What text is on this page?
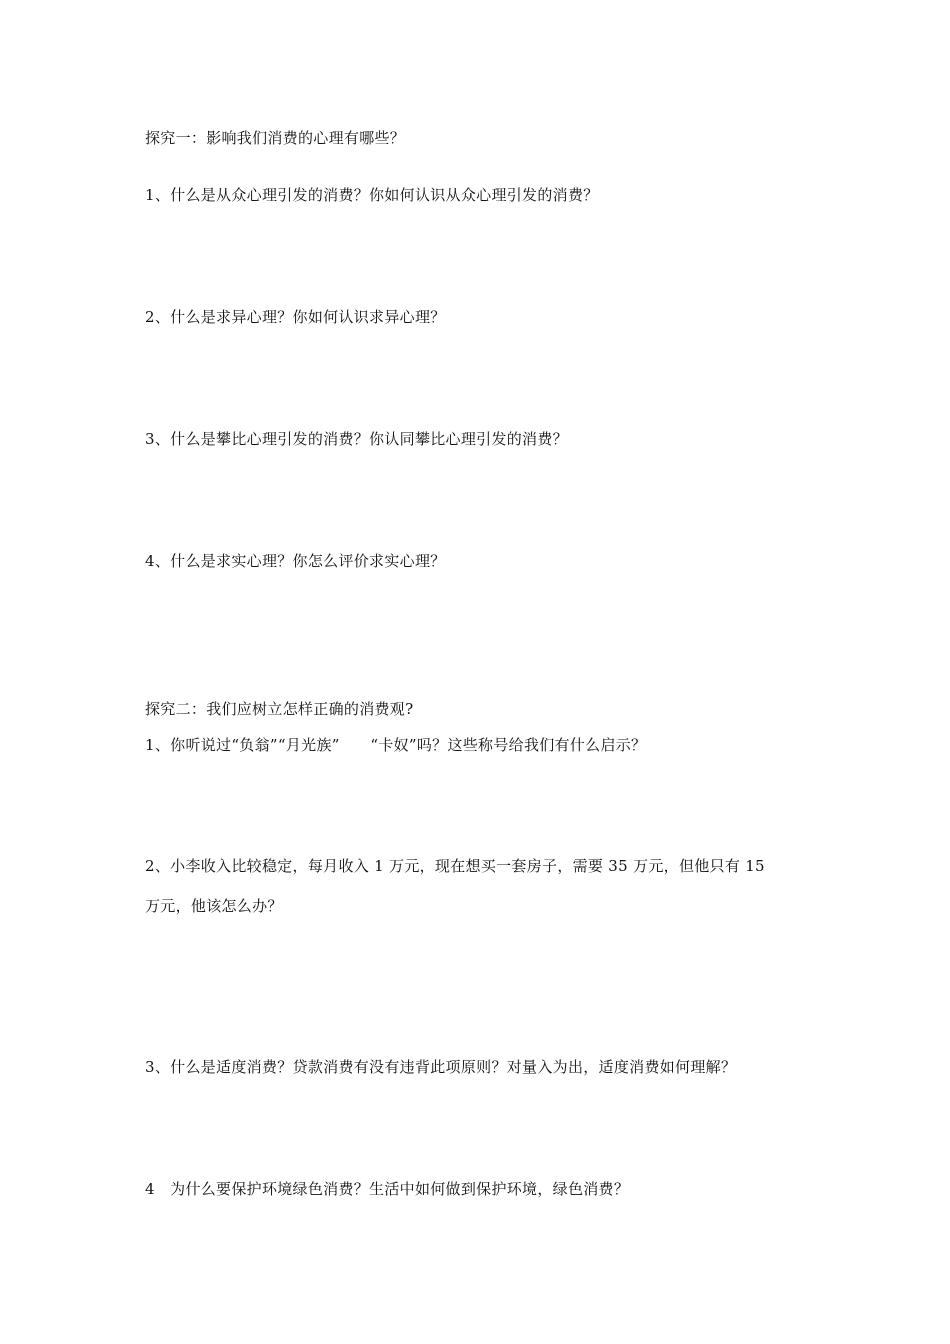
探究一：影响我们消费的心理有哪些？
1、什么是从众心理引发的消费？你如何认识从众心理引发的消费？
2、什么是求异心理？你如何认识求异心理？
3、什么是攀比心理引发的消费？你认同攀比心理引发的消费？
4、什么是求实心理？你怎么评价求实心理？
探究二：我们应树立怎样正确的消费观?
1、你听说过“负翁”“月光族”　　“卡奴”吗？这些称号给我们有什么启示？
2、小李收入比较稳定，每月收入 1 万元，现在想买一套房子，需要 35 万元，但他只有 15
万元，他该怎么办？
3、什么是适度消费？贷款消费有没有违背此项原则？对量入为出，适度消费如何理解？
4　为什么要保护环境绿色消费？生活中如何做到保护环境，绿色消费？
